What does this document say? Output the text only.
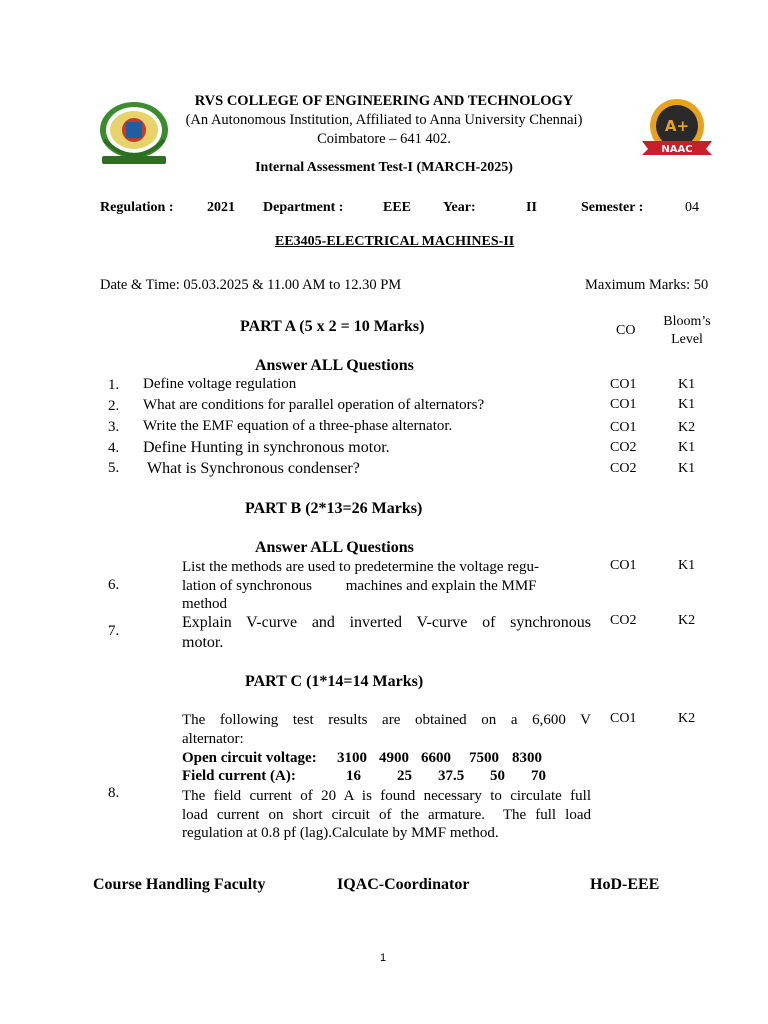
A+
NAAC
RVS COLLEGE OF ENGINEERING AND TECHNOLOGY
(An Autonomous Institution, Affiliated to Anna University Chennai)
Coimbatore – 641 402.
Internal Assessment Test-I (MARCH-2025)
Regulation : 2021 Department :	EEE Year:	II	Semester :	04
EE3405-ELECTRICAL MACHINES-II
Date & Time: 05.03.2025 & 11.00 AM to 12.30 PM	Maximum Marks: 50
PART A (5 x 2 = 10 Marks)	CO
Bloom’s
Level
Answer ALL Questions
1. Define voltage regulation	CO1	K1
2. What are conditions for parallel operation of alternators?	CO1	K1
3. Write the EMF equation of a three-phase alternator.	CO1	K2
4. Define Hunting in synchronous motor.	CO2	K1
5. What is Synchronous condenser?	CO2	K1
PART B (2*13=26 Marks)
Answer ALL Questions
6.
List the methods are used to predetermine the voltage regu-
lation of synchronous         machines and explain the MMF
method
CO1	K1
7.	Explain V-curve and inverted V-curve of synchronous
motor.
CO2	K2
PART C (1*14=14 Marks)
8.
The following test results are obtained on a 6,600 V
alternator:
Open circuit voltage: 3100 4900 6600 7500 8300
Field current (A):	16 25 37.5 50 70
The field current of 20 A is found necessary to circulate full
load current on short circuit of the armature.  The full load
regulation at 0.8 pf (lag).Calculate by MMF method.
CO1	K2
Course Handling Faculty	IQAC-Coordinator	HoD-EEE
1
